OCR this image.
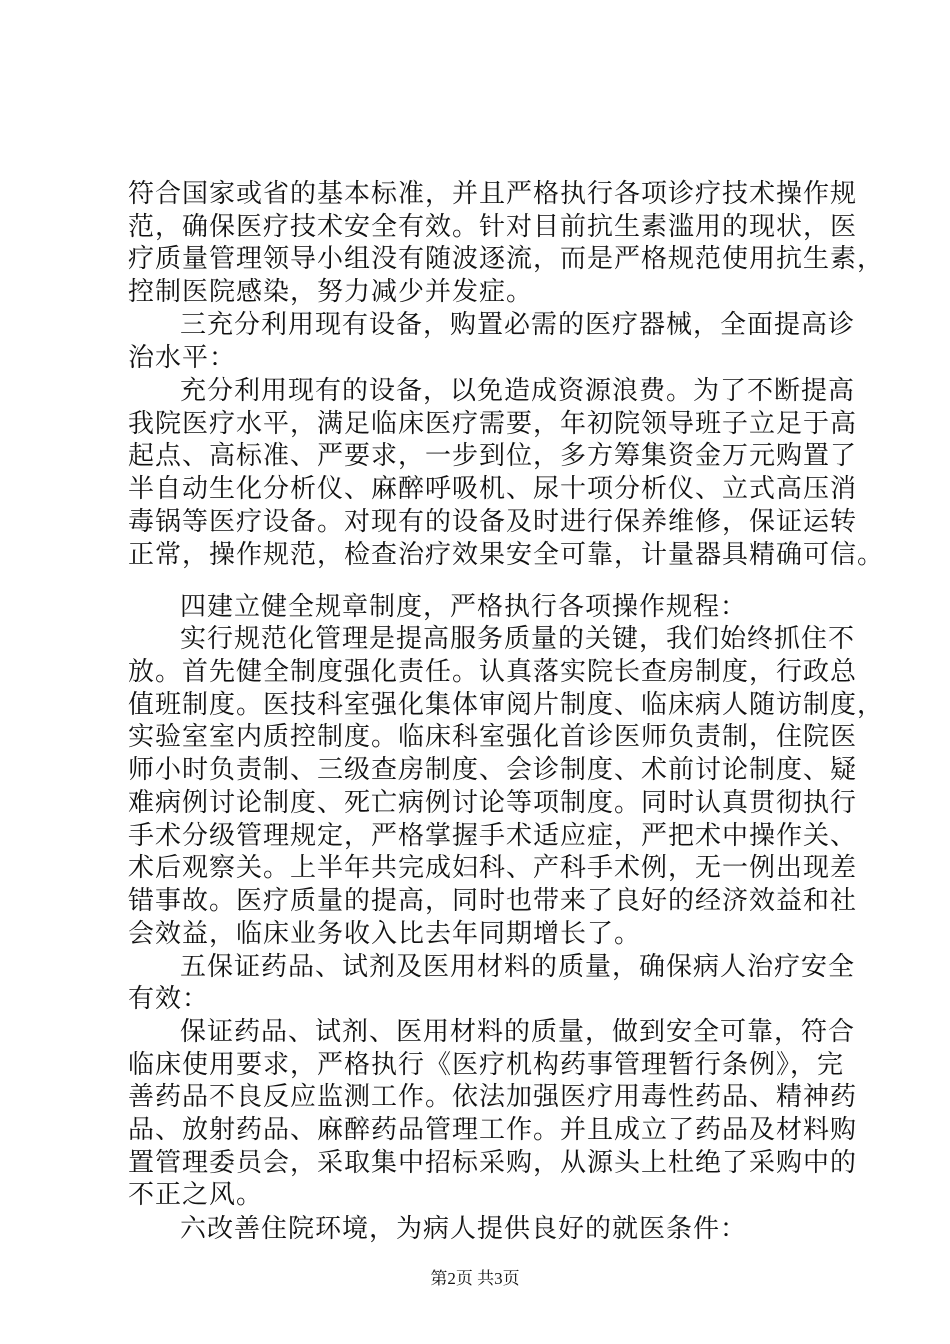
符合国家或省的基本标准，并且严格执行各项诊疗技术操作规
范，确保医疗技术安全有效。针对目前抗生素滥用的现状，医
疗质量管理领导小组没有随波逐流，而是严格规范使用抗生素，
控制医院感染，努力减少并发症。
三充分利用现有设备，购置必需的医疗器械，全面提高诊
治水平：
充分利用现有的设备，以免造成资源浪费。为了不断提高
我院医疗水平，满足临床医疗需要，年初院领导班子立足于高
起点、高标准、严要求，一步到位，多方筹集资金万元购置了
半自动生化分析仪、麻醉呼吸机、尿十项分析仪、立式高压消
毒锅等医疗设备。对现有的设备及时进行保养维修，保证运转
正常，操作规范，检查治疗效果安全可靠，计量器具精确可信。
四建立健全规章制度，严格执行各项操作规程：
实行规范化管理是提高服务质量的关键，我们始终抓住不
放。首先健全制度强化责任。认真落实院长查房制度，行政总
值班制度。医技科室强化集体审阅片制度、临床病人随访制度，
实验室室内质控制度。临床科室强化首诊医师负责制，住院医
师小时负责制、三级查房制度、会诊制度、术前讨论制度、疑
难病例讨论制度、死亡病例讨论等项制度。同时认真贯彻执行
手术分级管理规定，严格掌握手术适应症，严把术中操作关、
术后观察关。上半年共完成妇科、产科手术例，无一例出现差
错事故。医疗质量的提高，同时也带来了良好的经济效益和社
会效益，临床业务收入比去年同期增长了。
五保证药品、试剂及医用材料的质量，确保病人治疗安全
有效：
保证药品、试剂、医用材料的质量，做到安全可靠，符合
临床使用要求，严格执行《医疗机构药事管理暂行条例》，完
善药品不良反应监测工作。依法加强医疗用毒性药品、精神药
品、放射药品、麻醉药品管理工作。并且成立了药品及材料购
置管理委员会，采取集中招标采购，从源头上杜绝了采购中的
不正之风。
六改善住院环境，为病人提供良好的就医条件：
第2页 共3页
